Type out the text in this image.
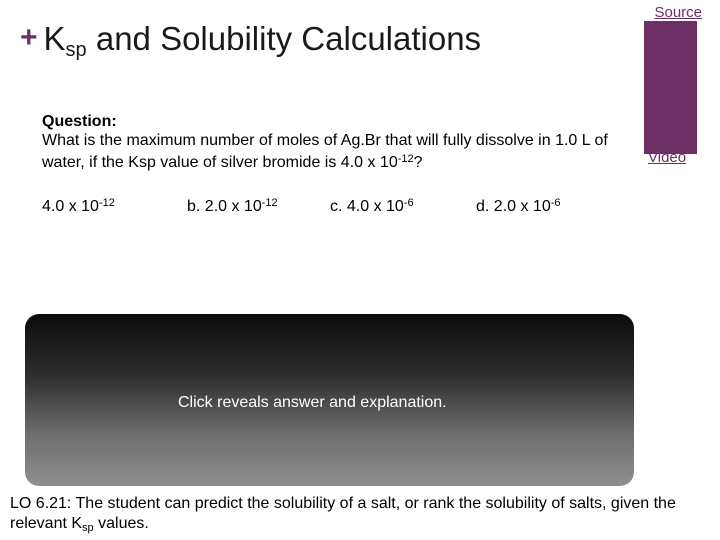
+ $K_{sp}$ and Solubility Calculations
Source
Video
Question:
What is the maximum number of moles of Ag.Br that will fully dissolve in 1.0 L of water, if the Ksp value of silver bromide is 4.0 x $10^{-12}$?
4.0 x $10^{-12}$	b. 2.0 x $10^{-12}$	c. 4.0 x $10^{-6}$	d. 2.0 x $10^{-6}$
Click reveals answer and explanation.
LO 6.21: The student can predict the solubility of a salt, or rank the solubility of salts, given the relevant $K_{sp}$ values.
